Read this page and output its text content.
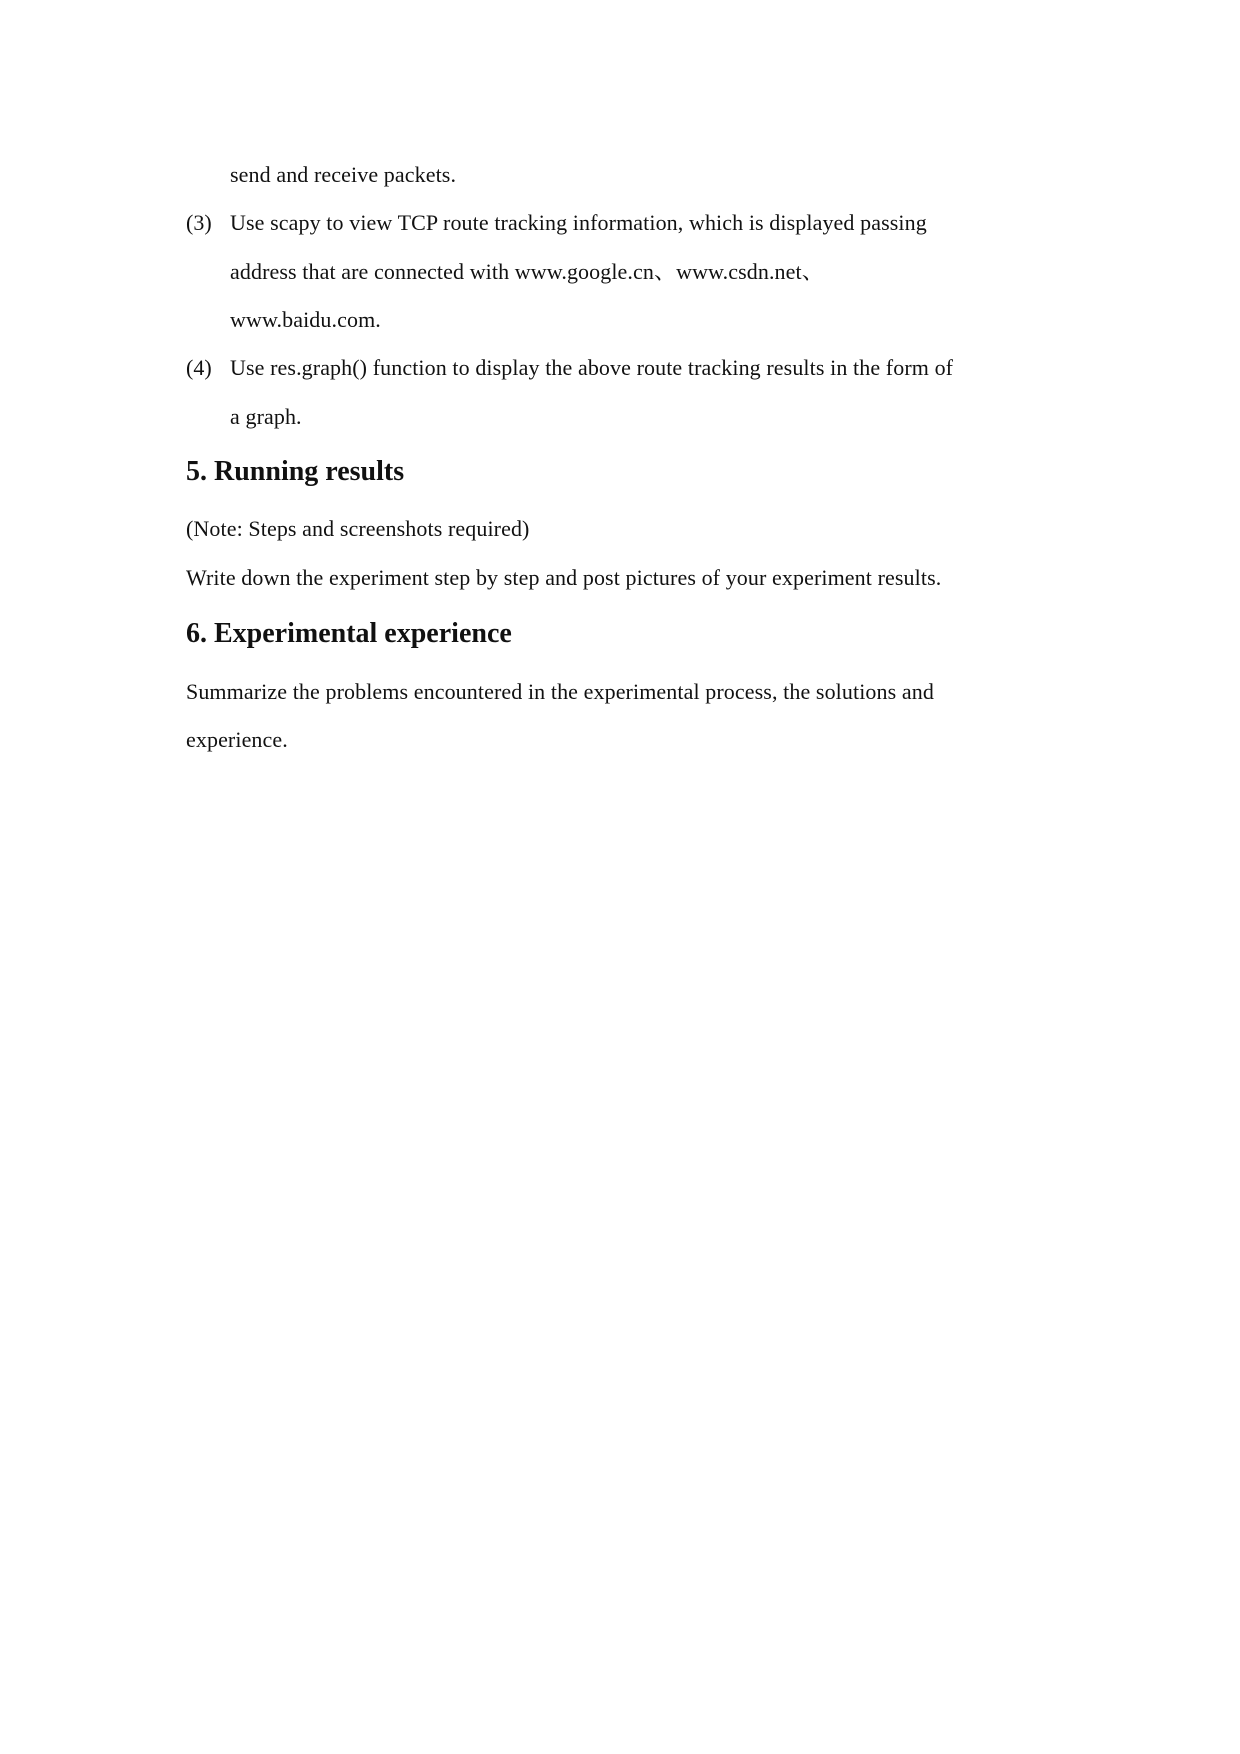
send and receive packets.
(3) Use scapy to view TCP route tracking information, which is displayed passing
address that are connected with www.google.cn、www.csdn.net、
www.baidu.com.
(4) Use res.graph() function to display the above route tracking results in the form of
a graph.
5. Running results
(Note: Steps and screenshots required)
Write down the experiment step by step and post pictures of your experiment results.
6. Experimental experience
Summarize the problems encountered in the experimental process, the solutions and
experience.
